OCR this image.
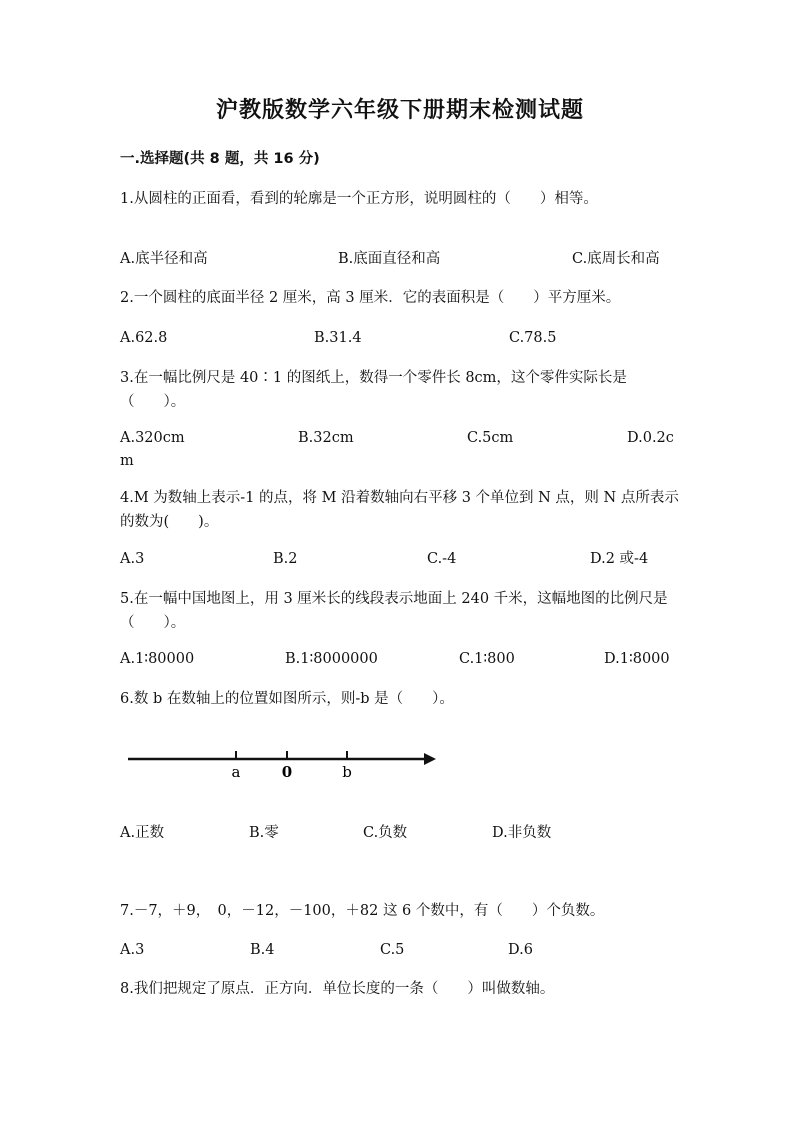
沪教版数学六年级下册期末检测试题
一.选择题(共 8 题，共 16 分)
1.从圆柱的正面看，看到的轮廓是一个正方形，说明圆柱的（　　）相等。
A.底半径和高	B.底面直径和高	C.底周长和高
2.一个圆柱的底面半径 2 厘米，高 3 厘米．它的表面积是（　　）平方厘米。
A.62.8	B.31.4	C.78.5
3.在一幅比例尺是 40∶1 的图纸上，数得一个零件长 8cm，这个零件实际长是（　　）。
A.320cm	B.32cm	C.5cm	D.0.2c
m
4.M 为数轴上表示-1 的点，将 M 沿着数轴向右平移 3 个单位到 N 点，则 N 点所表示的数为(　　)。
A.3	B.2	C.-4	D.2 或-4
5.在一幅中国地图上，用 3 厘米长的线段表示地面上 240 千米，这幅地图的比例尺是（　　）。
A.1∶80000	B.1∶8000000	C.1∶800	D.1∶8000
6.数 b 在数轴上的位置如图所示，则-b 是（　　）。
a	0	b
A.正数	B.零	C.负数	D.非负数
7.－7，＋9，　0，－12，－100，＋82 这 6 个数中，有（　　）个负数。
A.3	B.4	C.5	D.6
8.我们把规定了原点．正方向．单位长度的一条（　　）叫做数轴。
